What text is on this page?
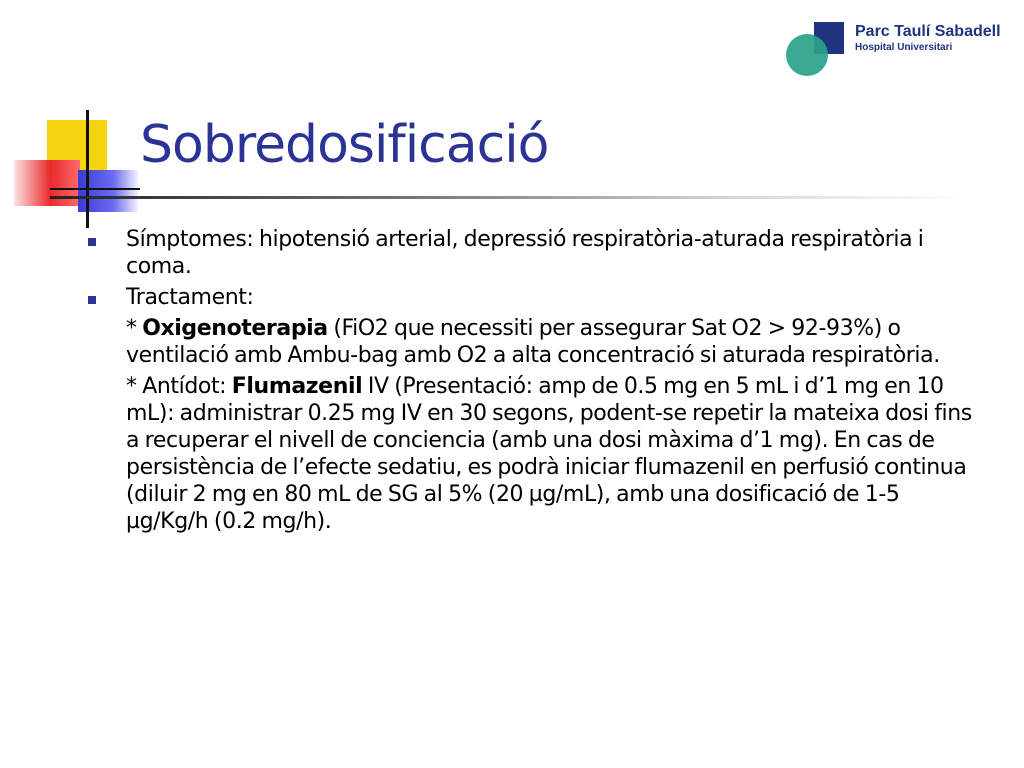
Parc Taulí Sabadell
Hospital Universitari
Sobredosificació
Símptomes: hipotensió arterial, depressió respiratòria-aturada respiratòria i coma.
Tractament:
* Oxigenoterapia (FiO2 que necessiti per assegurar Sat O2 > 92-93%) o ventilació amb Ambu-bag amb O2 a alta concentració si aturada respiratòria.
* Antídot: Flumazenil IV (Presentació: amp de 0.5 mg en 5 mL i d’1 mg en 10 mL): administrar 0.25 mg IV en 30 segons, podent-se repetir la mateixa dosi fins a recuperar el nivell de conciencia (amb una dosi màxima d’1 mg). En cas de persistència de l’efecte sedatiu, es podrà iniciar flumazenil en perfusió continua (diluir 2 mg en 80 mL de SG al 5% (20 µg/mL), amb una dosificació de 1-5 µg/Kg/h (0.2 mg/h).
